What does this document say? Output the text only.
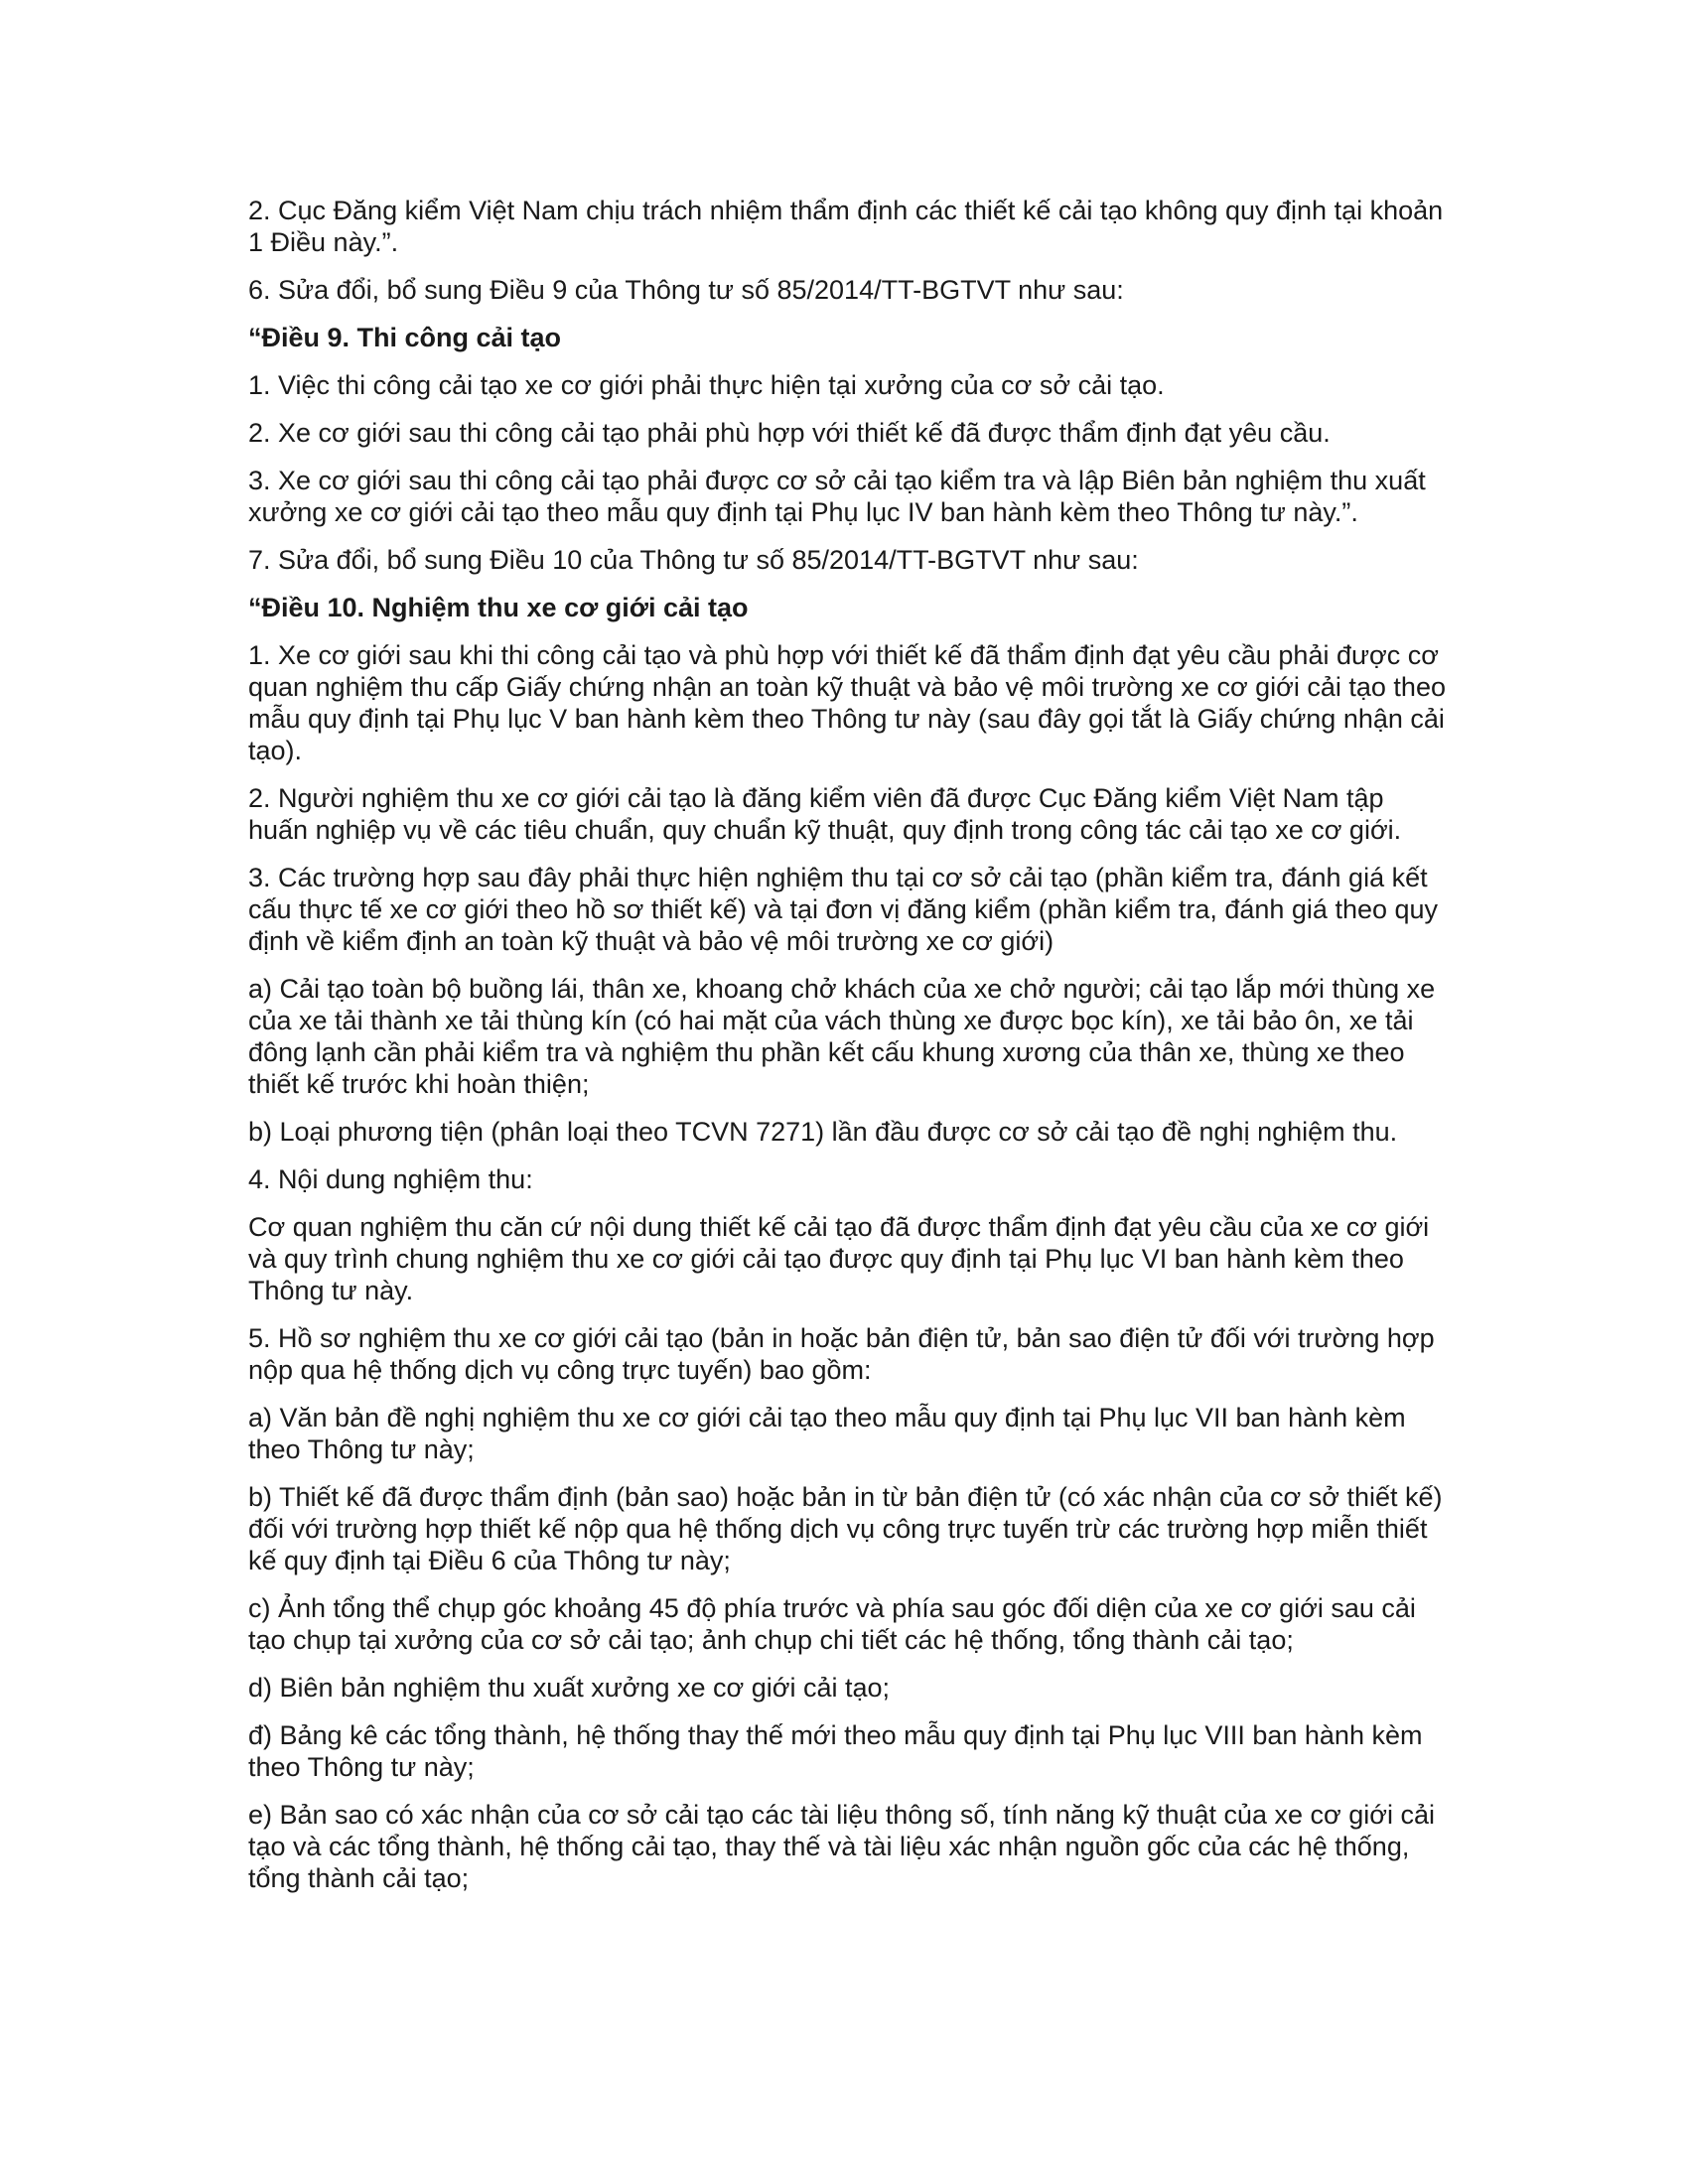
2. Cục Đăng kiểm Việt Nam chịu trách nhiệm thẩm định các thiết kế cải tạo không quy định tại khoản 1 Điều này.”.

6. Sửa đổi, bổ sung Điều 9 của Thông tư số 85/2014/TT-BGTVT như sau:

“Điều 9. Thi công cải tạo

1. Việc thi công cải tạo xe cơ giới phải thực hiện tại xưởng của cơ sở cải tạo.

2. Xe cơ giới sau thi công cải tạo phải phù hợp với thiết kế đã được thẩm định đạt yêu cầu.

3. Xe cơ giới sau thi công cải tạo phải được cơ sở cải tạo kiểm tra và lập Biên bản nghiệm thu xuất xưởng xe cơ giới cải tạo theo mẫu quy định tại Phụ lục IV ban hành kèm theo Thông tư này.”.

7. Sửa đổi, bổ sung Điều 10 của Thông tư số 85/2014/TT-BGTVT như sau:

“Điều 10. Nghiệm thu xe cơ giới cải tạo

1. Xe cơ giới sau khi thi công cải tạo và phù hợp với thiết kế đã thẩm định đạt yêu cầu phải được cơ quan nghiệm thu cấp Giấy chứng nhận an toàn kỹ thuật và bảo vệ môi trường xe cơ giới cải tạo theo mẫu quy định tại Phụ lục V ban hành kèm theo Thông tư này (sau đây gọi tắt là Giấy chứng nhận cải tạo).

2. Người nghiệm thu xe cơ giới cải tạo là đăng kiểm viên đã được Cục Đăng kiểm Việt Nam tập huấn nghiệp vụ về các tiêu chuẩn, quy chuẩn kỹ thuật, quy định trong công tác cải tạo xe cơ giới.

3. Các trường hợp sau đây phải thực hiện nghiệm thu tại cơ sở cải tạo (phần kiểm tra, đánh giá kết cấu thực tế xe cơ giới theo hồ sơ thiết kế) và tại đơn vị đăng kiểm (phần kiểm tra, đánh giá theo quy định về kiểm định an toàn kỹ thuật và bảo vệ môi trường xe cơ giới)

a) Cải tạo toàn bộ buồng lái, thân xe, khoang chở khách của xe chở người; cải tạo lắp mới thùng xe của xe tải thành xe tải thùng kín (có hai mặt của vách thùng xe được bọc kín), xe tải bảo ôn, xe tải đông lạnh cần phải kiểm tra và nghiệm thu phần kết cấu khung xương của thân xe, thùng xe theo thiết kế trước khi hoàn thiện;

b) Loại phương tiện (phân loại theo TCVN 7271) lần đầu được cơ sở cải tạo đề nghị nghiệm thu.

4. Nội dung nghiệm thu:

Cơ quan nghiệm thu căn cứ nội dung thiết kế cải tạo đã được thẩm định đạt yêu cầu của xe cơ giới và quy trình chung nghiệm thu xe cơ giới cải tạo được quy định tại Phụ lục VI ban hành kèm theo Thông tư này.

5. Hồ sơ nghiệm thu xe cơ giới cải tạo (bản in hoặc bản điện tử, bản sao điện tử đối với trường hợp nộp qua hệ thống dịch vụ công trực tuyến) bao gồm:

a) Văn bản đề nghị nghiệm thu xe cơ giới cải tạo theo mẫu quy định tại Phụ lục VII ban hành kèm theo Thông tư này;

b) Thiết kế đã được thẩm định (bản sao) hoặc bản in từ bản điện tử (có xác nhận của cơ sở thiết kế) đối với trường hợp thiết kế nộp qua hệ thống dịch vụ công trực tuyến trừ các trường hợp miễn thiết kế quy định tại Điều 6 của Thông tư này;

c) Ảnh tổng thể chụp góc khoảng 45 độ phía trước và phía sau góc đối diện của xe cơ giới sau cải tạo chụp tại xưởng của cơ sở cải tạo; ảnh chụp chi tiết các hệ thống, tổng thành cải tạo;

d) Biên bản nghiệm thu xuất xưởng xe cơ giới cải tạo;

đ) Bảng kê các tổng thành, hệ thống thay thế mới theo mẫu quy định tại Phụ lục VIII ban hành kèm theo Thông tư này;

e) Bản sao có xác nhận của cơ sở cải tạo các tài liệu thông số, tính năng kỹ thuật của xe cơ giới cải tạo và các tổng thành, hệ thống cải tạo, thay thế và tài liệu xác nhận nguồn gốc của các hệ thống, tổng thành cải tạo;
